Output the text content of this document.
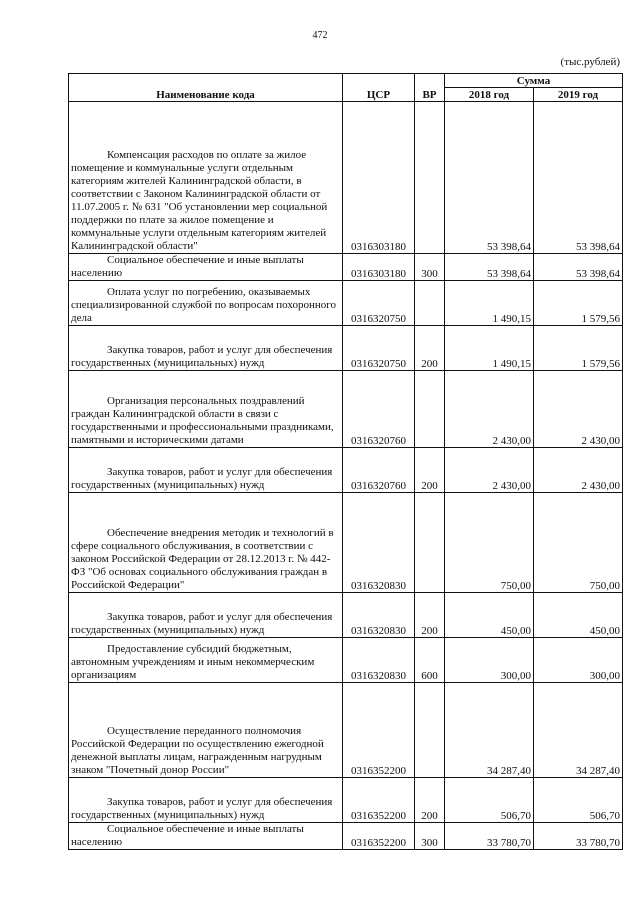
472
(тыс.рублей)
Наименование кода	ЦСР	ВР	Сумма	
			2018 год	2019 год

Компенсация расходов по оплате за жилое помещение и коммунальные услуги отдельным категориям жителей Калининградской области, в соответствии с Законом Калининградской области от 11.07.2005 г. № 631 "Об установлении мер социальной поддержки по плате за жилое помещение и коммунальные услуги отдельным категориям жителей Калининградской области"	0316303180		53 398,64	53 398,64

Социальное обеспечение и иные выплаты населению	0316303180	300	53 398,64	53 398,64

Оплата услуг по погребению, оказываемых специализированной службой по вопросам похоронного дела	0316320750		1 490,15	1 579,56

Закупка товаров, работ и услуг для обеспечения государственных (муниципальных) нужд	0316320750	200	1 490,15	1 579,56

Организация персональных поздравлений граждан Калининградской области в связи с государственными и профессиональными праздниками, памятными и историческими датами	0316320760		2 430,00	2 430,00

Закупка товаров, работ и услуг для обеспечения государственных (муниципальных) нужд	0316320760	200	2 430,00	2 430,00

Обеспечение внедрения методик и технологий в сфере социального обслуживания, в соответствии с законом Российской Федерации от 28.12.2013 г. № 442-ФЗ "Об основах социального обслуживания граждан в Российской Федерации"	0316320830		750,00	750,00

Закупка товаров, работ и услуг для обеспечения государственных (муниципальных) нужд	0316320830	200	450,00	450,00

Предоставление субсидий бюджетным, автономным учреждениям и иным некоммерческим организациям	0316320830	600	300,00	300,00

Осуществление переданного полномочия Российской Федерации по осуществлению ежегодной денежной выплаты лицам, награжденным нагрудным знаком "Почетный донор России"	0316352200		34 287,40	34 287,40

Закупка товаров, работ и услуг для обеспечения государственных (муниципальных) нужд	0316352200	200	506,70	506,70

Социальное обеспечение и иные выплаты населению	0316352200	300	33 780,70	33 780,70
